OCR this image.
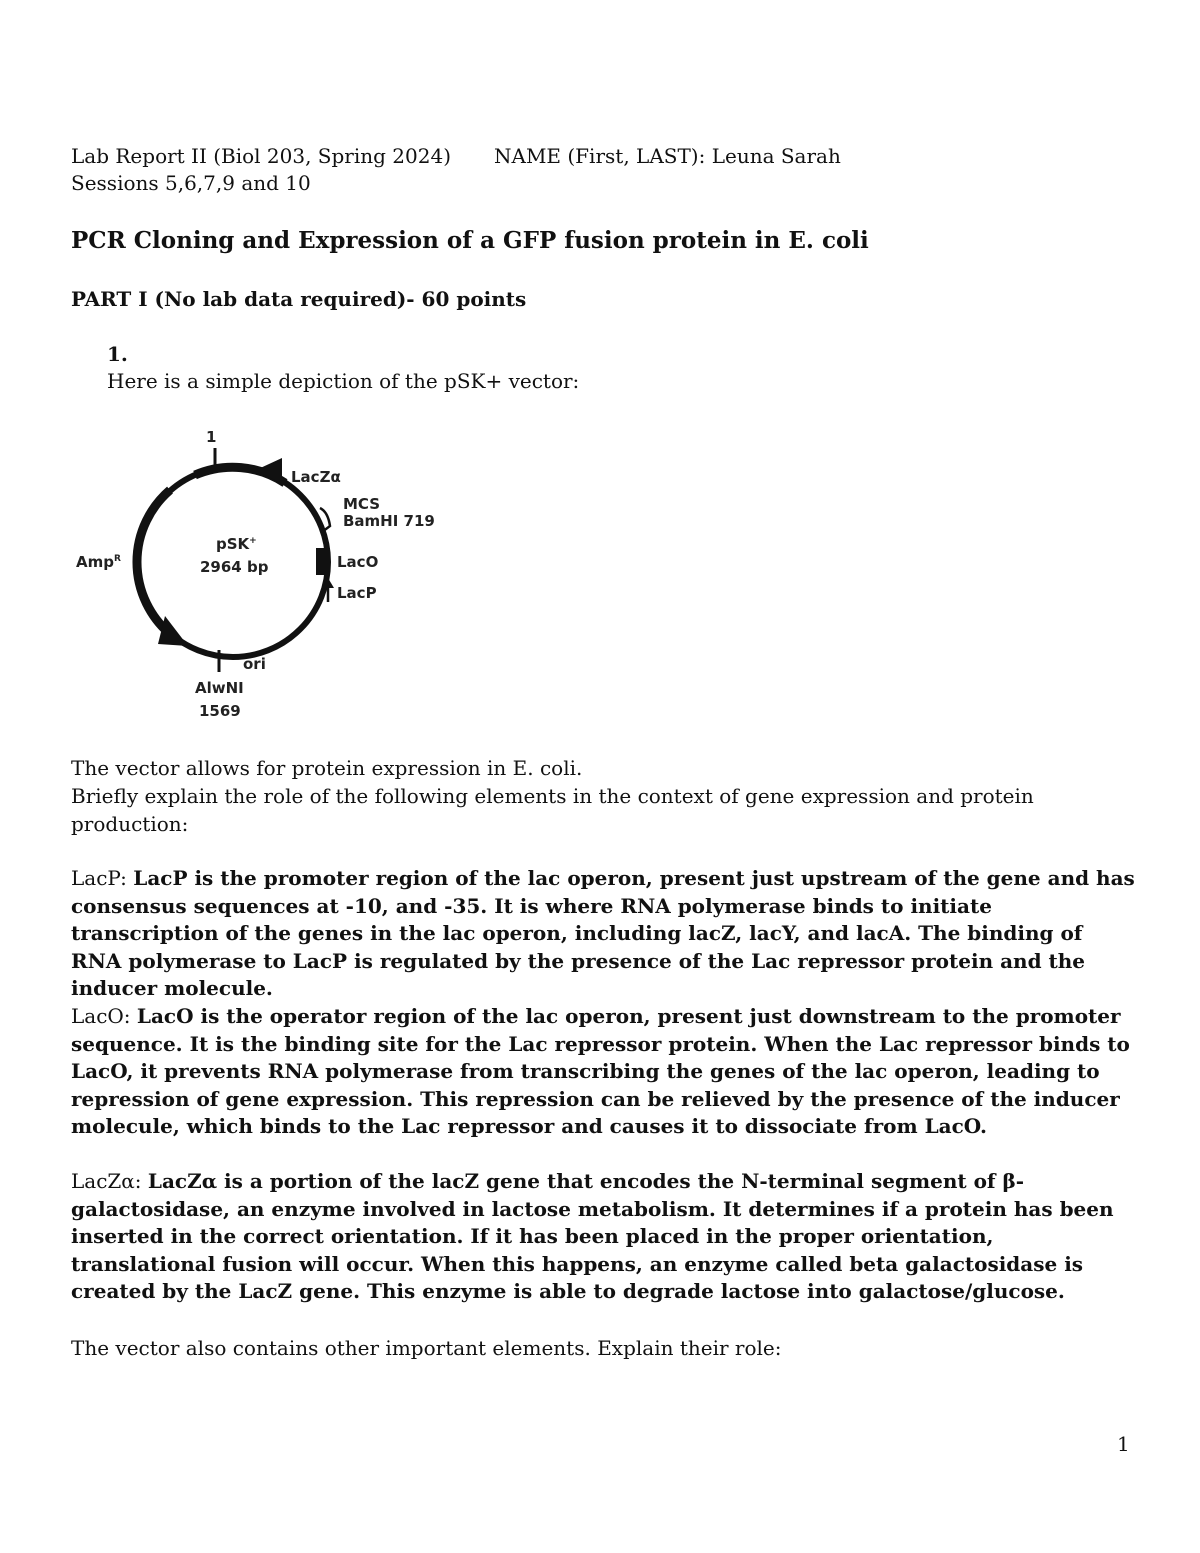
Lab Report II (Biol 203, Spring 2024) NAME (First, LAST): Leuna Sarah
Sessions 5,6,7,9 and 10
PCR Cloning and Expression of a GFP fusion protein in E. coli
PART I (No lab data required)- 60 points
1.
Here is a simple depiction of the pSK+ vector:
1
LacZα
MCS
BamHI 719
LacO
LacP
pSK+
2964 bp
Amp$^R$
ori
AlwNI
1569
The vector allows for protein expression in E. coli.
Briefly explain the role of the following elements in the context of gene expression and protein production:
LacP: LacP is the promoter region of the lac operon, present just upstream of the gene and has consensus sequences at -10, and -35. It is where RNA polymerase binds to initiate transcription of the genes in the lac operon, including lacZ, lacY, and lacA. The binding of RNA polymerase to LacP is regulated by the presence of the Lac repressor protein and the inducer molecule.
LacO: LacO is the operator region of the lac operon, present just downstream to the promoter sequence. It is the binding site for the Lac repressor protein. When the Lac repressor binds to LacO, it prevents RNA polymerase from transcribing the genes of the lac operon, leading to repression of gene expression. This repression can be relieved by the presence of the inducer molecule, which binds to the Lac repressor and causes it to dissociate from LacO.
LacZα: LacZα is a portion of the lacZ gene that encodes the N-terminal segment of β-galactosidase, an enzyme involved in lactose metabolism. It determines if a protein has been inserted in the correct orientation. If it has been placed in the proper orientation, translational fusion will occur. When this happens, an enzyme called beta galactosidase is created by the LacZ gene. This enzyme is able to degrade lactose into galactose/glucose.
The vector also contains other important elements. Explain their role:
1
